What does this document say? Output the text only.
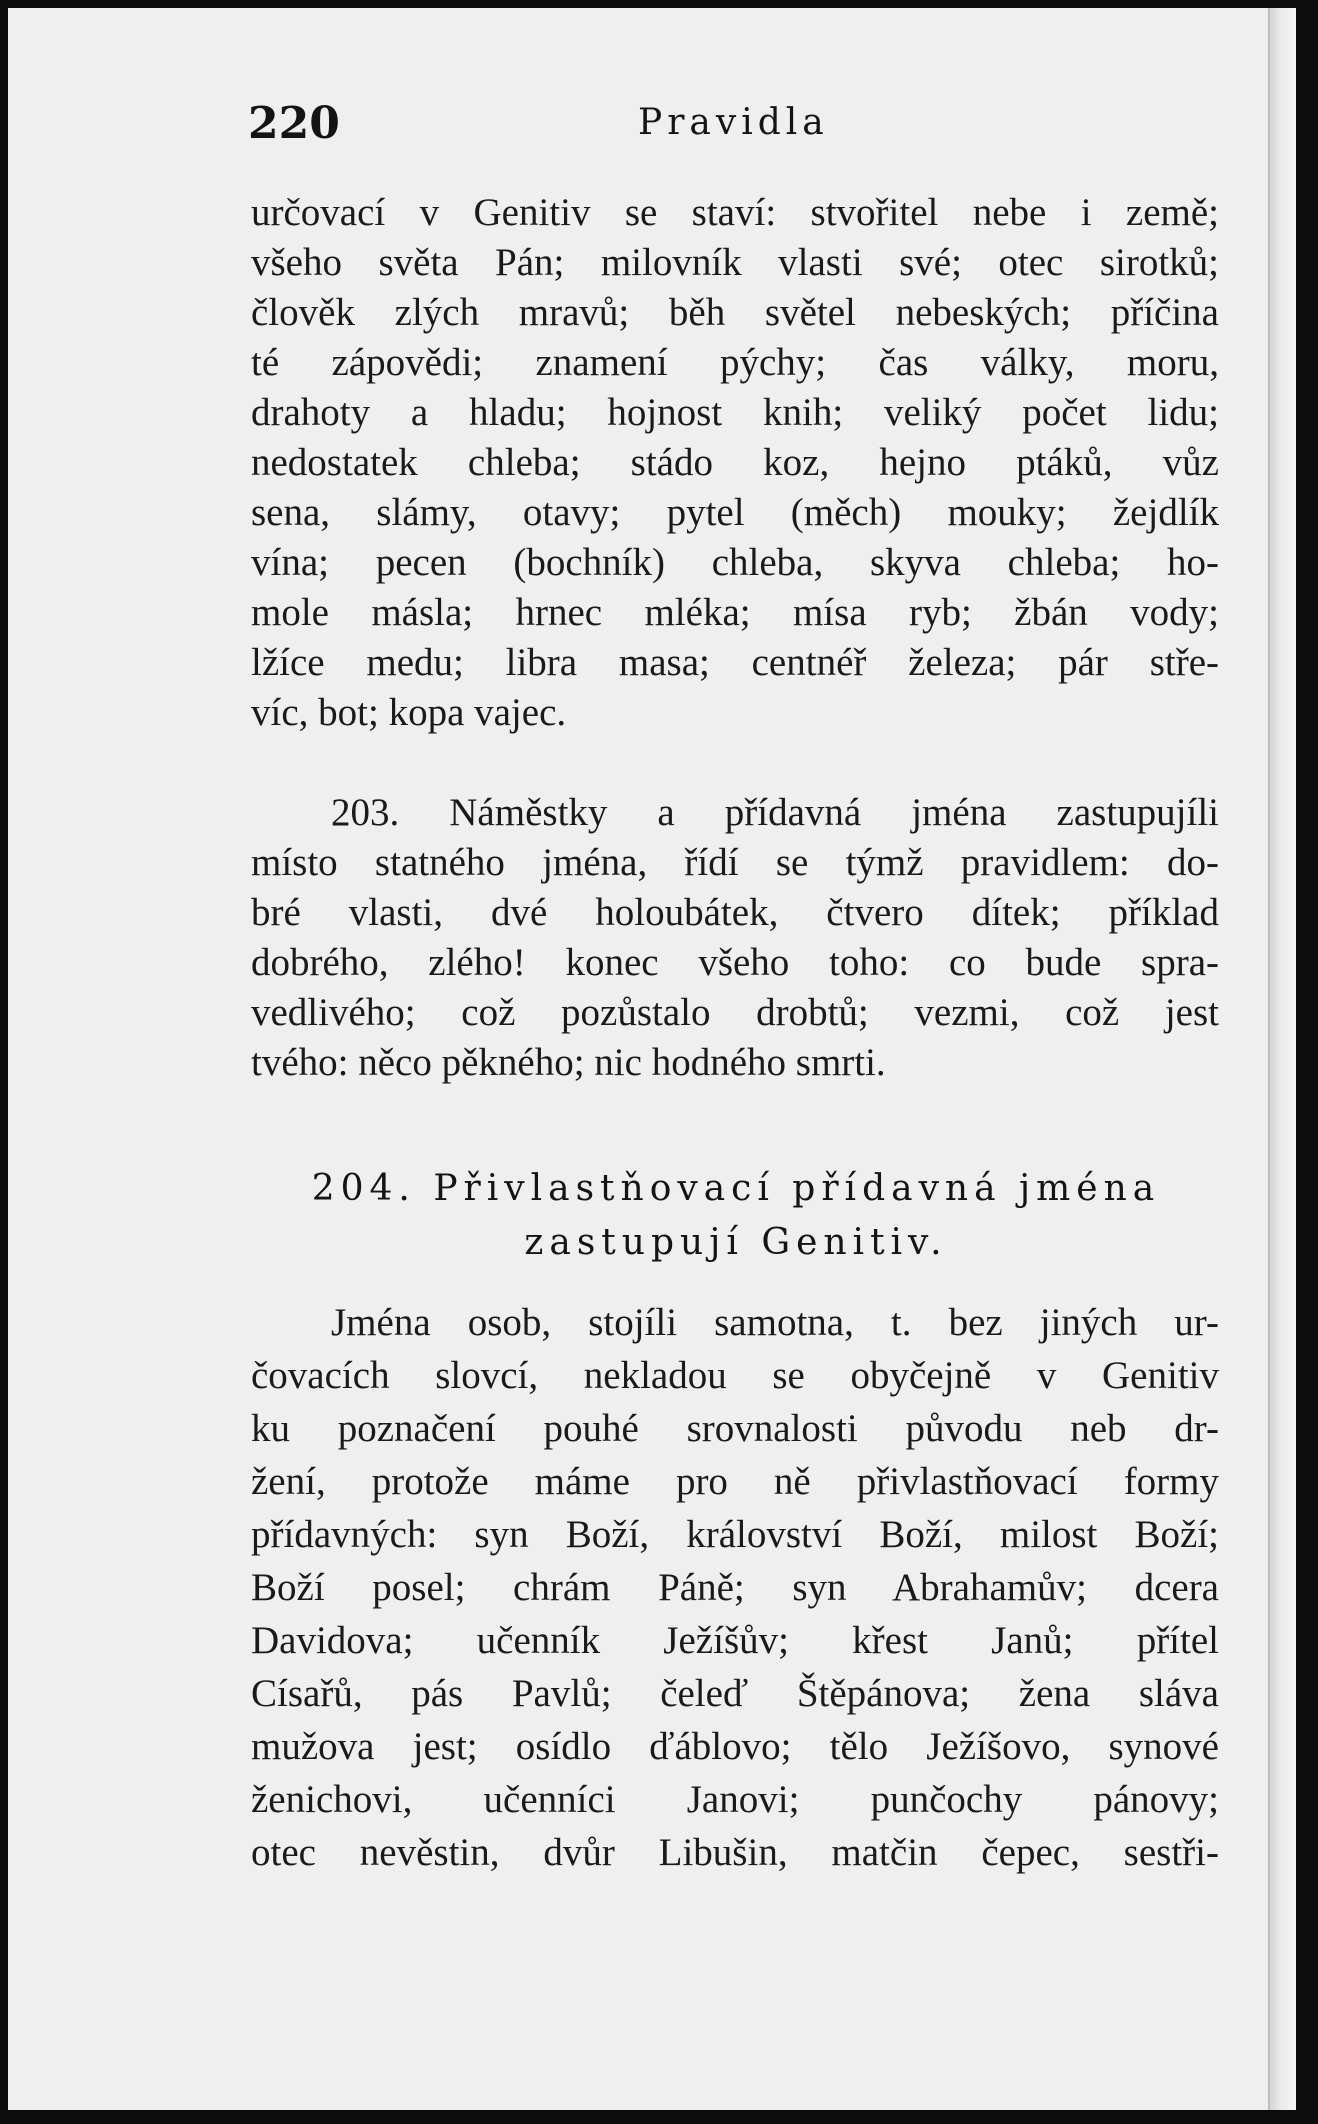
220	Pravidla

určovací v Genitiv se staví: stvořitel nebe i země;

všeho světa Pán; milovník vlasti své; otec sirotků;

člověk zlých mravů; běh světel nebeských; příčina

té zápovědi; znamení pýchy; čas války, moru,

drahoty a hladu; hojnost knih; veliký počet lidu;

nedostatek chleba; stádo koz, hejno ptáků, vůz

sena, slámy, otavy; pytel (měch) mouky; žejdlík

vína; pecen (bochník) chleba, skyva chleba; ho-

mole másla; hrnec mléka; mísa ryb; žbán vody;

lžíce medu; libra masa; centnéř železa; pár stře-

víc, bot; kopa vajec.

203. Náměstky a přídavná jména zastupujíli

místo statného jména, řídí se týmž pravidlem: do-

bré vlasti, dvé holoubátek, čtvero dítek; příklad

dobrého, zlého! konec všeho toho: co bude spra-

vedlivého; což pozůstalo drobtů; vezmi, což jest

tvého: něco pěkného; nic hodného smrti.

204. Přivlastňovací přídavná jména
zastupují Genitiv.

Jména osob, stojíli samotna, t. bez jiných ur-

čovacích slovcí, nekladou se obyčejně v Genitiv

ku poznačení pouhé srovnalosti původu neb dr-

žení, protože máme pro ně přivlastňovací formy

přídavných: syn Boží, království Boží, milost Boží;

Boží posel; chrám Páně; syn Abrahamův; dcera

Davidova; učenník Ježíšův; křest Janů; přítel

Císařů, pás Pavlů; čeleď Štěpánova; žena sláva

mužova jest; osídlo ďáblovo; tělo Ježíšovo, synové

ženichovi, učenníci Janovi; punčochy pánovy;

otec nevěstin, dvůr Libušin, matčin čepec, sestři-
